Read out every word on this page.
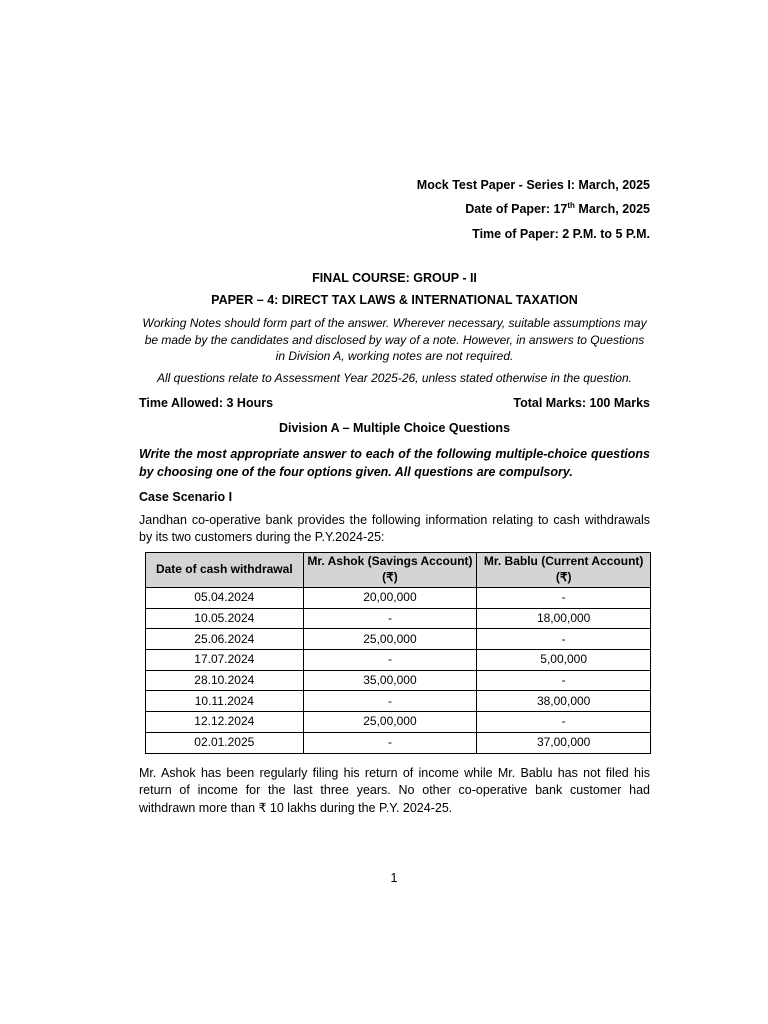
Mock Test Paper - Series I: March, 2025
Date of Paper: 17th March, 2025
Time of Paper: 2 P.M. to 5 P.M.
FINAL COURSE: GROUP - II
PAPER – 4: DIRECT TAX LAWS & INTERNATIONAL TAXATION
Working Notes should form part of the answer. Wherever necessary, suitable assumptions may be made by the candidates and disclosed by way of a note. However, in answers to Questions in Division A, working notes are not required.
All questions relate to Assessment Year 2025-26, unless stated otherwise in the question.
Time Allowed: 3 Hours	Total Marks: 100 Marks
Division A – Multiple Choice Questions
Write the most appropriate answer to each of the following multiple-choice questions by choosing one of the four options given. All questions are compulsory.
Case Scenario I
Jandhan co-operative bank provides the following information relating to cash withdrawals by its two customers during the P.Y.2024-25:
Date of cash withdrawal	Mr. Ashok (Savings Account) (₹)	Mr. Bablu (Current Account) (₹)
05.04.2024	20,00,000	-
10.05.2024	-	18,00,000
25.06.2024	25,00,000	-
17.07.2024	-	5,00,000
28.10.2024	35,00,000	-
10.11.2024	-	38,00,000
12.12.2024	25,00,000	-
02.01.2025	-	37,00,000
Mr. Ashok has been regularly filing his return of income while Mr. Bablu has not filed his return of income for the last three years. No other co-operative bank customer had withdrawn more than ₹ 10 lakhs during the P.Y. 2024-25.
1
